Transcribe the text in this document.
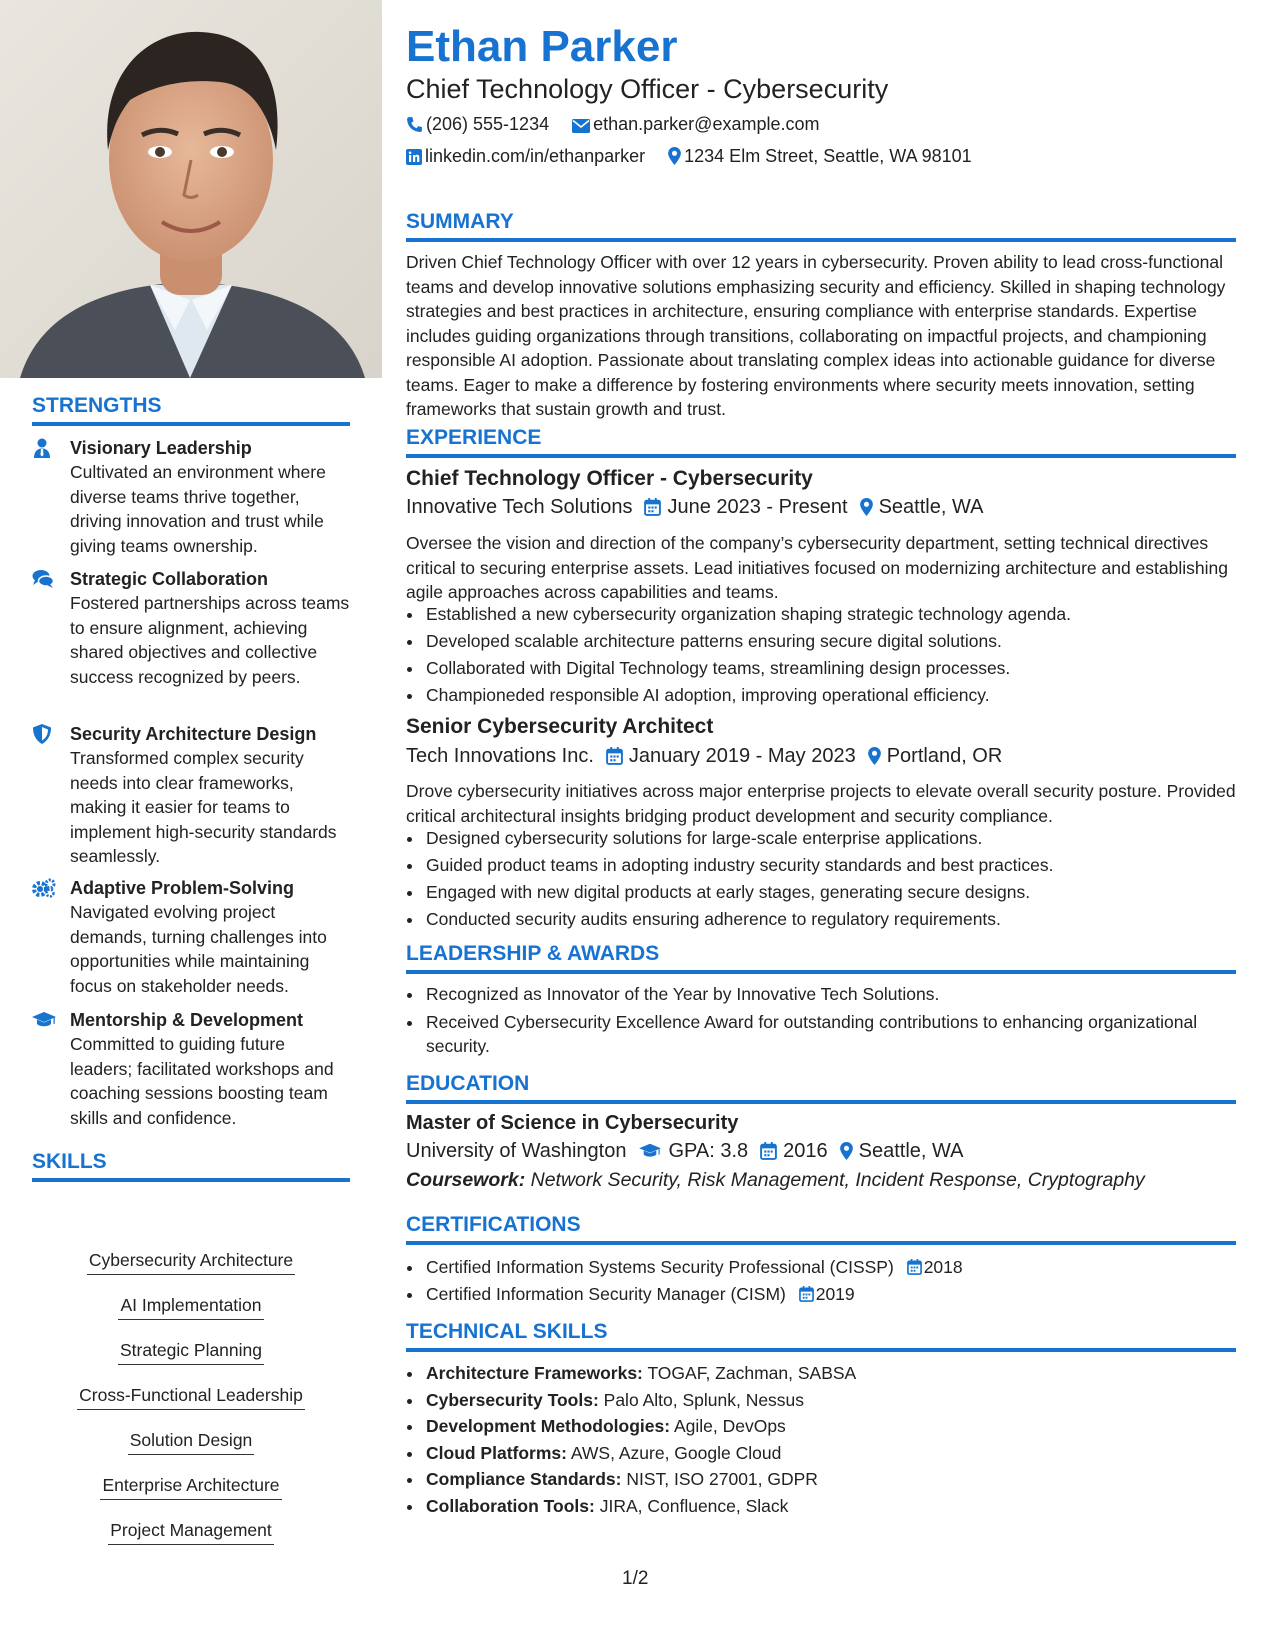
STRENGTHS
Visionary Leadership
Cultivated an environment where diverse teams thrive together, driving innovation and trust while giving teams ownership.
Strategic Collaboration
Fostered partnerships across teams to ensure alignment, achieving shared objectives and collective success recognized by peers.
Security Architecture Design
Transformed complex security needs into clear frameworks, making it easier for teams to implement high-security standards seamlessly.
Adaptive Problem-Solving
Navigated evolving project demands, turning challenges into opportunities while maintaining focus on stakeholder needs.
Mentorship & Development
Committed to guiding future leaders; facilitated workshops and coaching sessions boosting team skills and confidence.
SKILLS
Cybersecurity Architecture
AI Implementation
Strategic Planning
Cross-Functional Leadership
Solution Design
Enterprise Architecture
Project Management
Ethan Parker
Chief Technology Officer - Cybersecurity
(206) 555-1234 ethan.parker@example.com
linkedin.com/in/ethanparker 1234 Elm Street, Seattle, WA 98101
SUMMARY
Driven Chief Technology Officer with over 12 years in cybersecurity. Proven ability to lead cross-functional teams and develop innovative solutions emphasizing security and efficiency. Skilled in shaping technology strategies and best practices in architecture, ensuring compliance with enterprise standards. Expertise includes guiding organizations through transitions, collaborating on impactful projects, and championing responsible AI adoption. Passionate about translating complex ideas into actionable guidance for diverse teams. Eager to make a difference by fostering environments where security meets innovation, setting frameworks that sustain growth and trust.
EXPERIENCE
Chief Technology Officer - Cybersecurity
Innovative Tech Solutions June 2023 - Present Seattle, WA
Oversee the vision and direction of the company’s cybersecurity department, setting technical directives critical to securing enterprise assets. Lead initiatives focused on modernizing architecture and establishing agile approaches across capabilities and teams.
• Established a new cybersecurity organization shaping strategic technology agenda.
• Developed scalable architecture patterns ensuring secure digital solutions.
• Collaborated with Digital Technology teams, streamlining design processes.
• Championeded responsible AI adoption, improving operational efficiency.
Senior Cybersecurity Architect
Tech Innovations Inc. January 2019 - May 2023 Portland, OR
Drove cybersecurity initiatives across major enterprise projects to elevate overall security posture. Provided critical architectural insights bridging product development and security compliance.
• Designed cybersecurity solutions for large-scale enterprise applications.
• Guided product teams in adopting industry security standards and best practices.
• Engaged with new digital products at early stages, generating secure designs.
• Conducted security audits ensuring adherence to regulatory requirements.
LEADERSHIP & AWARDS
• Recognized as Innovator of the Year by Innovative Tech Solutions.
• Received Cybersecurity Excellence Award for outstanding contributions to enhancing organizational security.
EDUCATION
Master of Science in Cybersecurity
University of Washington GPA: 3.8 2016 Seattle, WA
Coursework: Network Security, Risk Management, Incident Response, Cryptography
CERTIFICATIONS
• Certified Information Systems Security Professional (CISSP) 2018
• Certified Information Security Manager (CISM) 2019
TECHNICAL SKILLS
• Architecture Frameworks: TOGAF, Zachman, SABSA
• Cybersecurity Tools: Palo Alto, Splunk, Nessus
• Development Methodologies: Agile, DevOps
• Cloud Platforms: AWS, Azure, Google Cloud
• Compliance Standards: NIST, ISO 27001, GDPR
• Collaboration Tools: JIRA, Confluence, Slack
1/2
